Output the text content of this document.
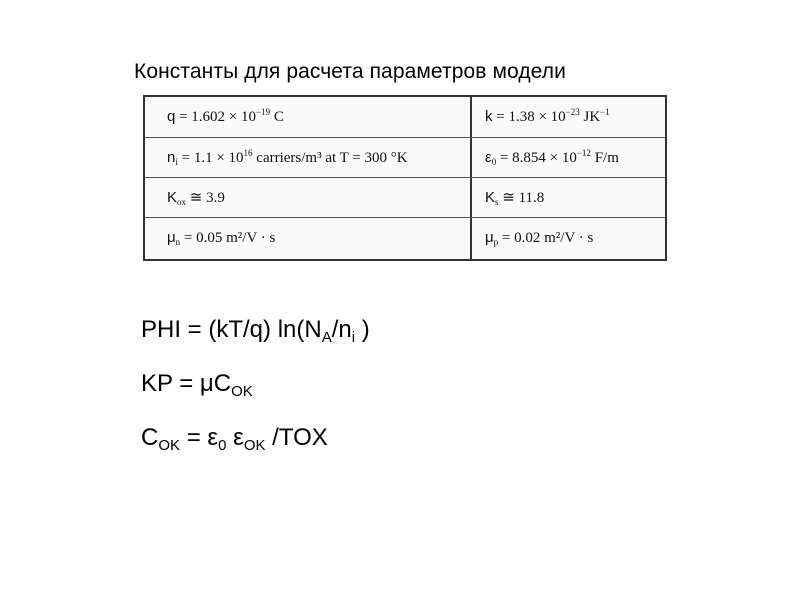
Константы для расчета параметров модели
$q = 1.602 \times 10^{-19}$ C	$k = 1.38 \times 10^{-23}$ $JK^{-1}$
$n_i = 1.1 \times 10^{16}$ carriers/m³ at T = 300 °K	$\varepsilon_0 = 8.854 \times 10^{-12}$ F/m
$K_{ox}$ ≅ 3.9	$K_s$ ≅ 11.8
$\mu_n = 0.05$ m²/V · s	$\mu_p = 0.02$ m²/V · s
PHI = (kT/q) $\ln(N_A/n_i$ )
KP = $\mu C_{OK}$
$C_{OK} = \varepsilon_0$ $\varepsilon_{OK}$ /TOX
